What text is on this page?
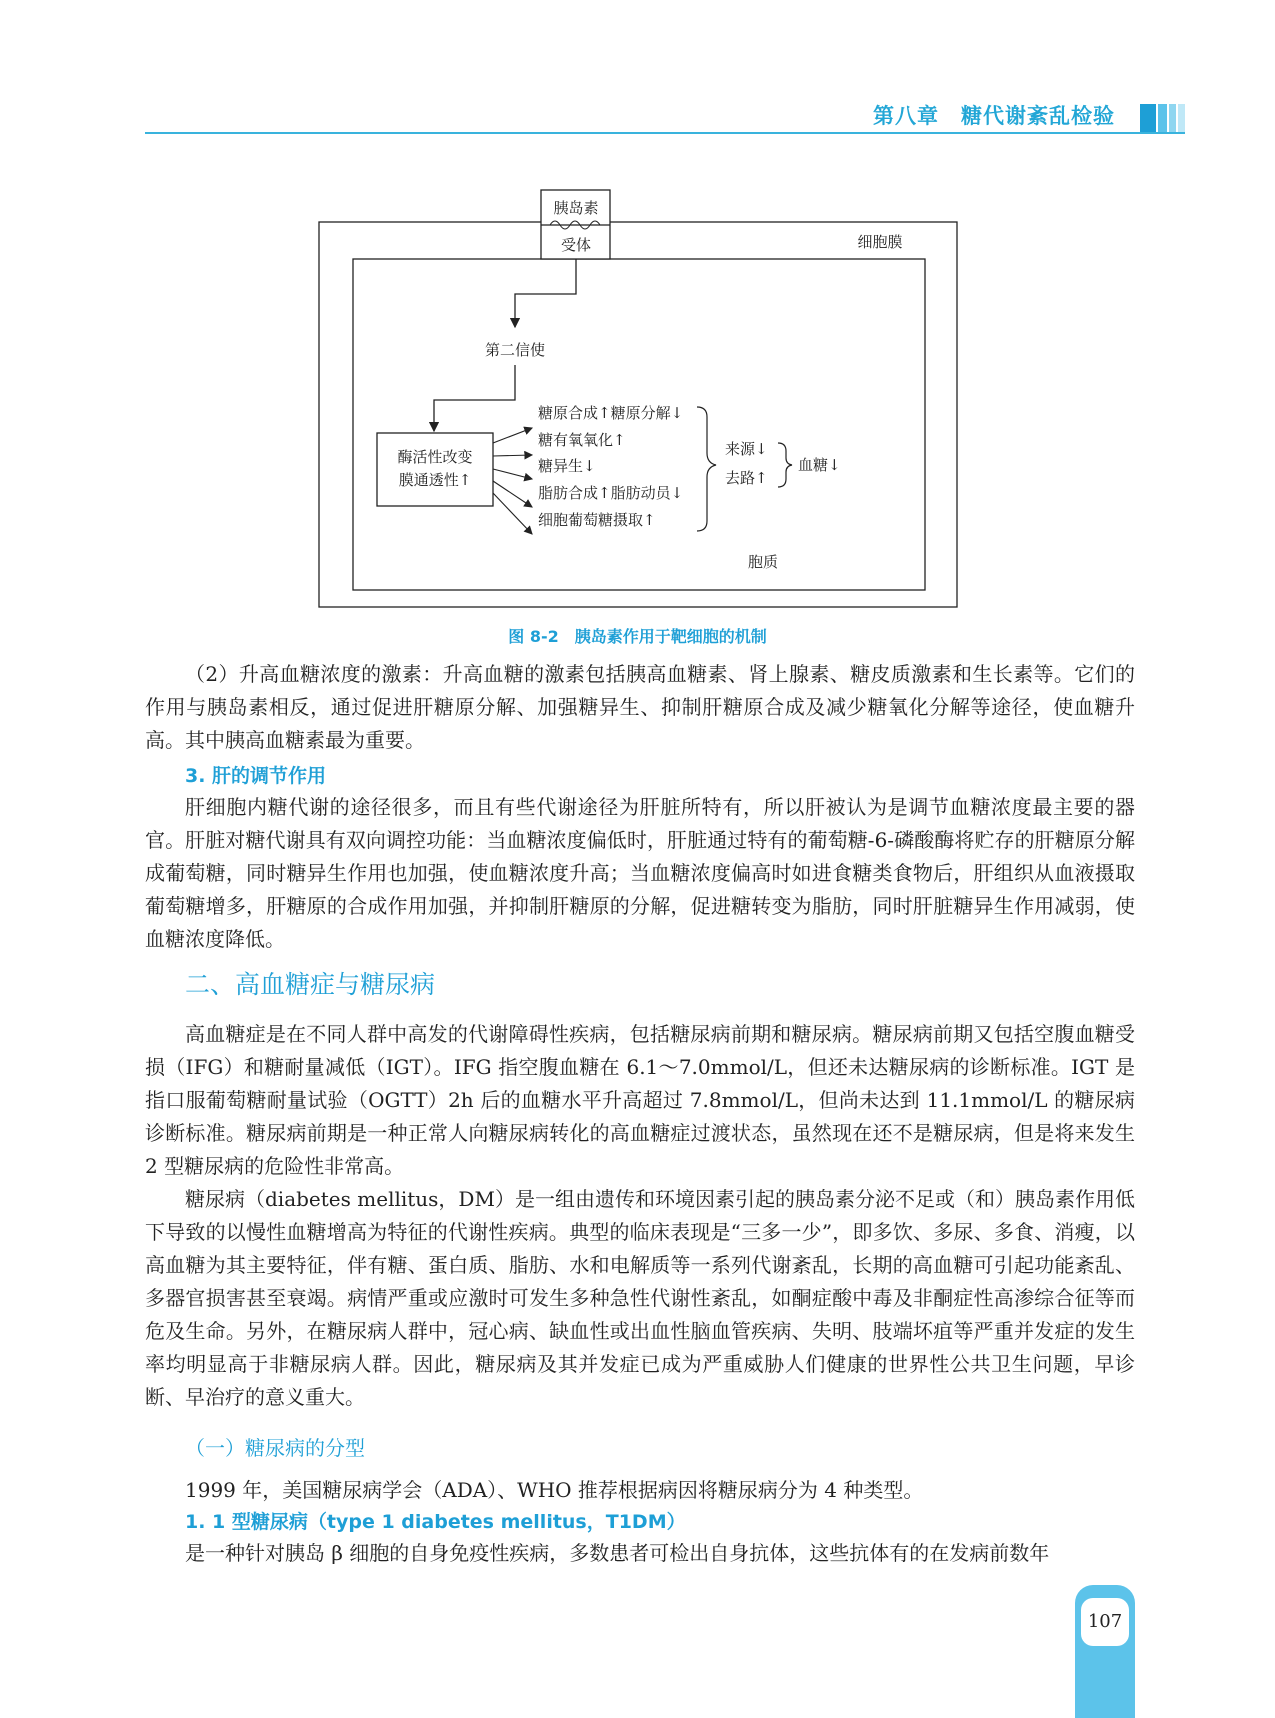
第八章　 糖代谢紊乱检验
胰岛素
受体	细胞膜
第二信使
酶活性改变
膜通透性↑
糖原合成↑糖原分解↓
糖有氧氧化↑
糖异生↓
脂肪合成↑脂肪动员↓
细胞葡萄糖摄取↑
来源↓
去路↑
血糖↓
胞质
图 8-2　胰岛素作用于靶细胞的机制

（2）升高血糖浓度的激素：升高血糖的激素包括胰高血糖素、肾上腺素、糖皮质激素和生长素等。它们的作用与胰岛素相反，通过促进肝糖原分解、加强糖异生、抑制肝糖原合成及减少糖氧化分解等途径，使血糖升高。其中胰高血糖素最为重要。

3. 肝的调节作用

肝细胞内糖代谢的途径很多，而且有些代谢途径为肝脏所特有，所以肝被认为是调节血糖浓度最主要的器官。肝脏对糖代谢具有双向调控功能：当血糖浓度偏低时，肝脏通过特有的葡萄糖-6-磷酸酶将贮存的肝糖原分解成葡萄糖，同时糖异生作用也加强，使血糖浓度升高；当血糖浓度偏高时如进食糖类食物后，肝组织从血液摄取葡萄糖增多，肝糖原的合成作用加强，并抑制肝糖原的分解，促进糖转变为脂肪，同时肝脏糖异生作用减弱，使血糖浓度降低。

二、高血糖症与糖尿病

高血糖症是在不同人群中高发的代谢障碍性疾病，包括糖尿病前期和糖尿病。糖尿病前期又包括空腹血糖受损（IFG）和糖耐量减低（IGT）。IFG 指空腹血糖在 6.1～7.0mmol/L，但还未达糖尿病的诊断标准。IGT 是指口服葡萄糖耐量试验（OGTT）2h 后的血糖水平升高超过 7.8mmol/L，但尚未达到 11.1mmol/L 的糖尿病诊断标准。糖尿病前期是一种正常人向糖尿病转化的高血糖症过渡状态，虽然现在还不是糖尿病，但是将来发生 2 型糖尿病的危险性非常高。

糖尿病（diabetes mellitus，DM）是一组由遗传和环境因素引起的胰岛素分泌不足或（和）胰岛素作用低下导致的以慢性血糖增高为特征的代谢性疾病。典型的临床表现是“三多一少”，即多饮、多尿、多食、消瘦，以高血糖为其主要特征，伴有糖、蛋白质、脂肪、水和电解质等一系列代谢紊乱，长期的高血糖可引起功能紊乱、多器官损害甚至衰竭。病情严重或应激时可发生多种急性代谢性紊乱，如酮症酸中毒及非酮症性高渗综合征等而危及生命。另外，在糖尿病人群中，冠心病、缺血性或出血性脑血管疾病、失明、肢端坏疽等严重并发症的发生率均明显高于非糖尿病人群。因此，糖尿病及其并发症已成为严重威胁人们健康的世界性公共卫生问题，早诊断、早治疗的意义重大。

（一）糖尿病的分型

1999 年，美国糖尿病学会（ADA）、WHO 推荐根据病因将糖尿病分为 4 种类型。

1. 1 型糖尿病（type 1 diabetes mellitus，T1DM）

是一种针对胰岛 β 细胞的自身免疫性疾病，多数患者可检出自身抗体，这些抗体有的在发病前数年

107
